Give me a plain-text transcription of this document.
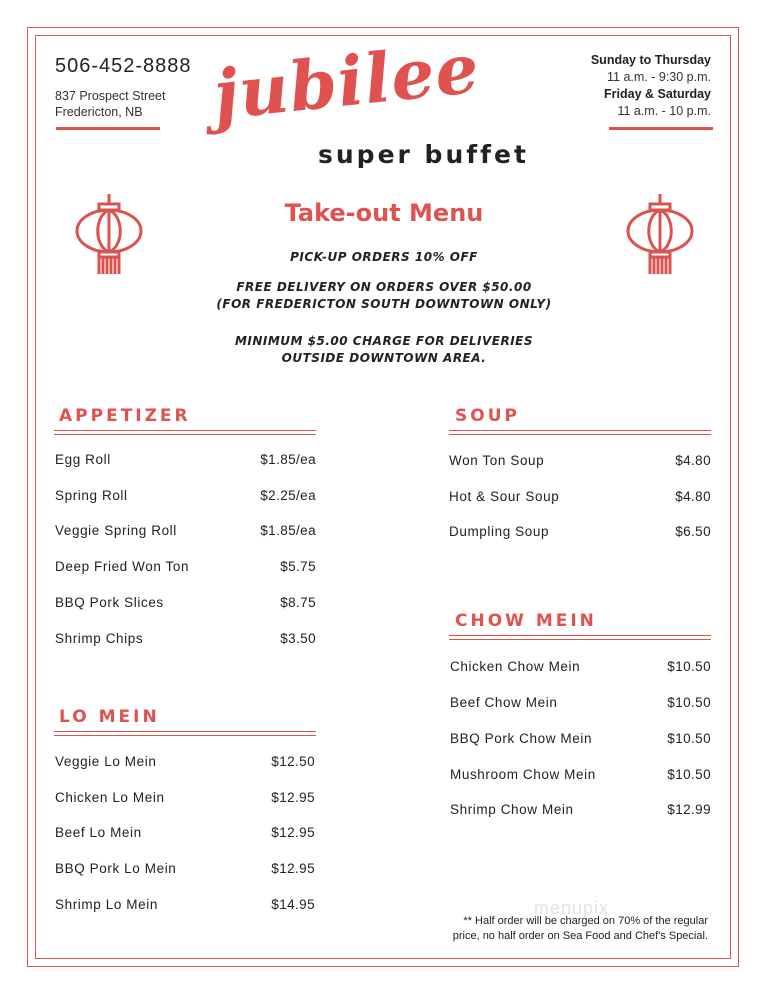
506-452-8888
837 Prospect Street
Fredericton, NB
Sunday to Thursday
11 a.m. - 9:30 p.m.
Friday & Saturday
11 a.m. - 10 p.m.
jubilee
super buffet
Take-out Menu
PICK-UP ORDERS 10% OFF
FREE DELIVERY ON ORDERS OVER $50.00
(FOR FREDERICTON SOUTH DOWNTOWN ONLY)
MINIMUM $5.00 CHARGE FOR DELIVERIES
OUTSIDE DOWNTOWN AREA.
APPETIZER
Egg Roll	$1.85/ea
Spring Roll	$2.25/ea
Veggie Spring Roll	$1.85/ea
Deep Fried Won Ton	$5.75
BBQ Pork Slices	$8.75
Shrimp Chips	$3.50
LO MEIN
Veggie Lo Mein	$12.50
Chicken Lo Mein	$12.95
Beef Lo Mein	$12.95
BBQ Pork Lo Mein	$12.95
Shrimp Lo Mein	$14.95
SOUP
Won Ton Soup	$4.80
Hot & Sour Soup	$4.80
Dumpling Soup	$6.50
CHOW MEIN
Chicken Chow Mein	$10.50
Beef Chow Mein	$10.50
BBQ Pork Chow Mein	$10.50
Mushroom Chow Mein	$10.50
Shrimp Chow Mein	$12.99
menupix
** Half order will be charged on 70% of the regular
price, no half order on Sea Food and Chef's Special.
